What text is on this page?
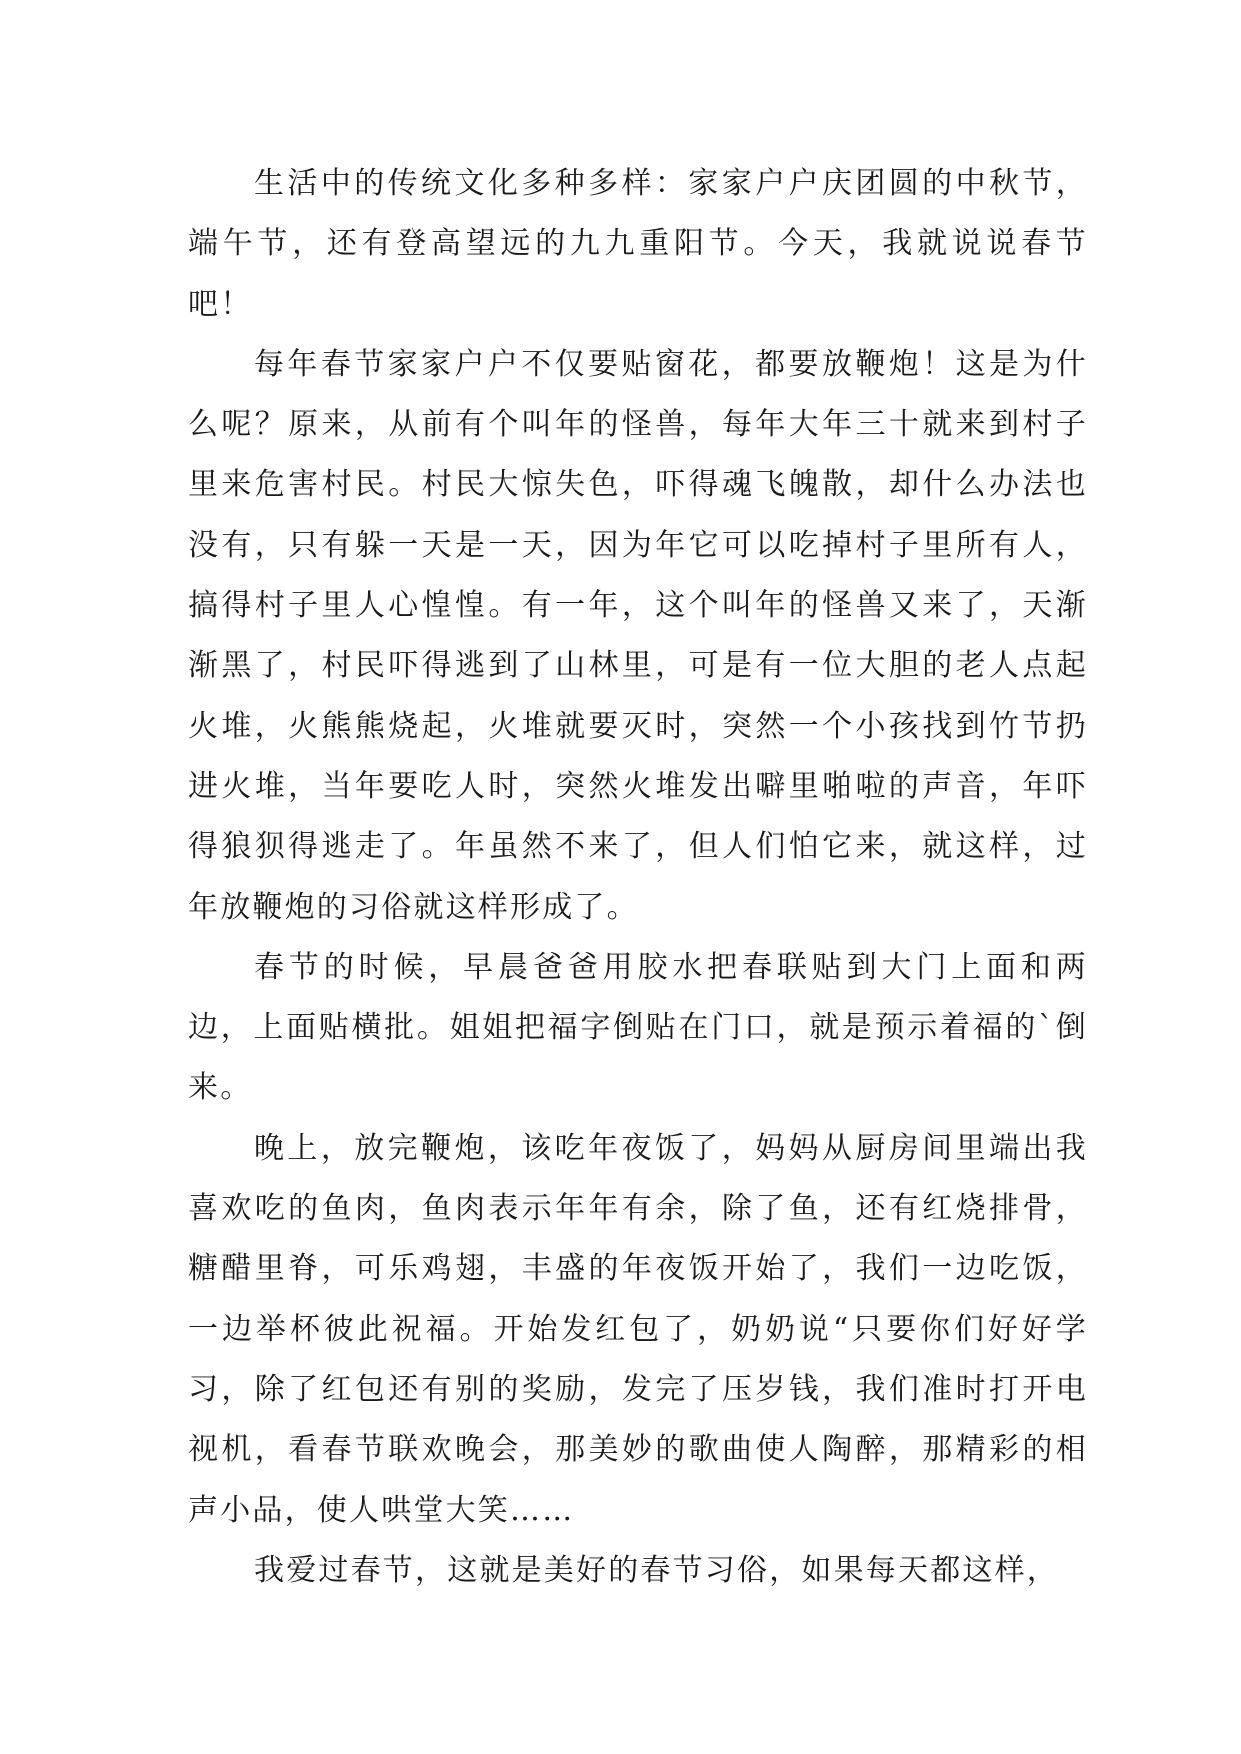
生活中的传统文化多种多样：家家户户庆团圆的中秋节，端午节，还有登高望远的九九重阳节。今天，我就说说春节吧！

每年春节家家户户不仅要贴窗花，都要放鞭炮！这是为什么呢？原来，从前有个叫年的怪兽，每年大年三十就来到村子里来危害村民。村民大惊失色，吓得魂飞魄散，却什么办法也没有，只有躲一天是一天，因为年它可以吃掉村子里所有人，搞得村子里人心惶惶。有一年，这个叫年的怪兽又来了，天渐渐黑了，村民吓得逃到了山林里，可是有一位大胆的老人点起火堆，火熊熊烧起，火堆就要灭时，突然一个小孩找到竹节扔进火堆，当年要吃人时，突然火堆发出噼里啪啦的声音，年吓得狼狈得逃走了。年虽然不来了，但人们怕它来，就这样，过年放鞭炮的习俗就这样形成了。

春节的时候，早晨爸爸用胶水把春联贴到大门上面和两边，上面贴横批。姐姐把福字倒贴在门口，就是预示着福的`倒来。

晚上，放完鞭炮，该吃年夜饭了，妈妈从厨房间里端出我喜欢吃的鱼肉，鱼肉表示年年有余，除了鱼，还有红烧排骨，糖醋里脊，可乐鸡翅，丰盛的年夜饭开始了，我们一边吃饭，一边举杯彼此祝福。开始发红包了，奶奶说“只要你们好好学习，除了红包还有别的奖励，发完了压岁钱，我们准时打开电视机，看春节联欢晚会，那美妙的歌曲使人陶醉，那精彩的相声小品，使人哄堂大笑……

我爱过春节，这就是美好的春节习俗，如果每天都这样，
